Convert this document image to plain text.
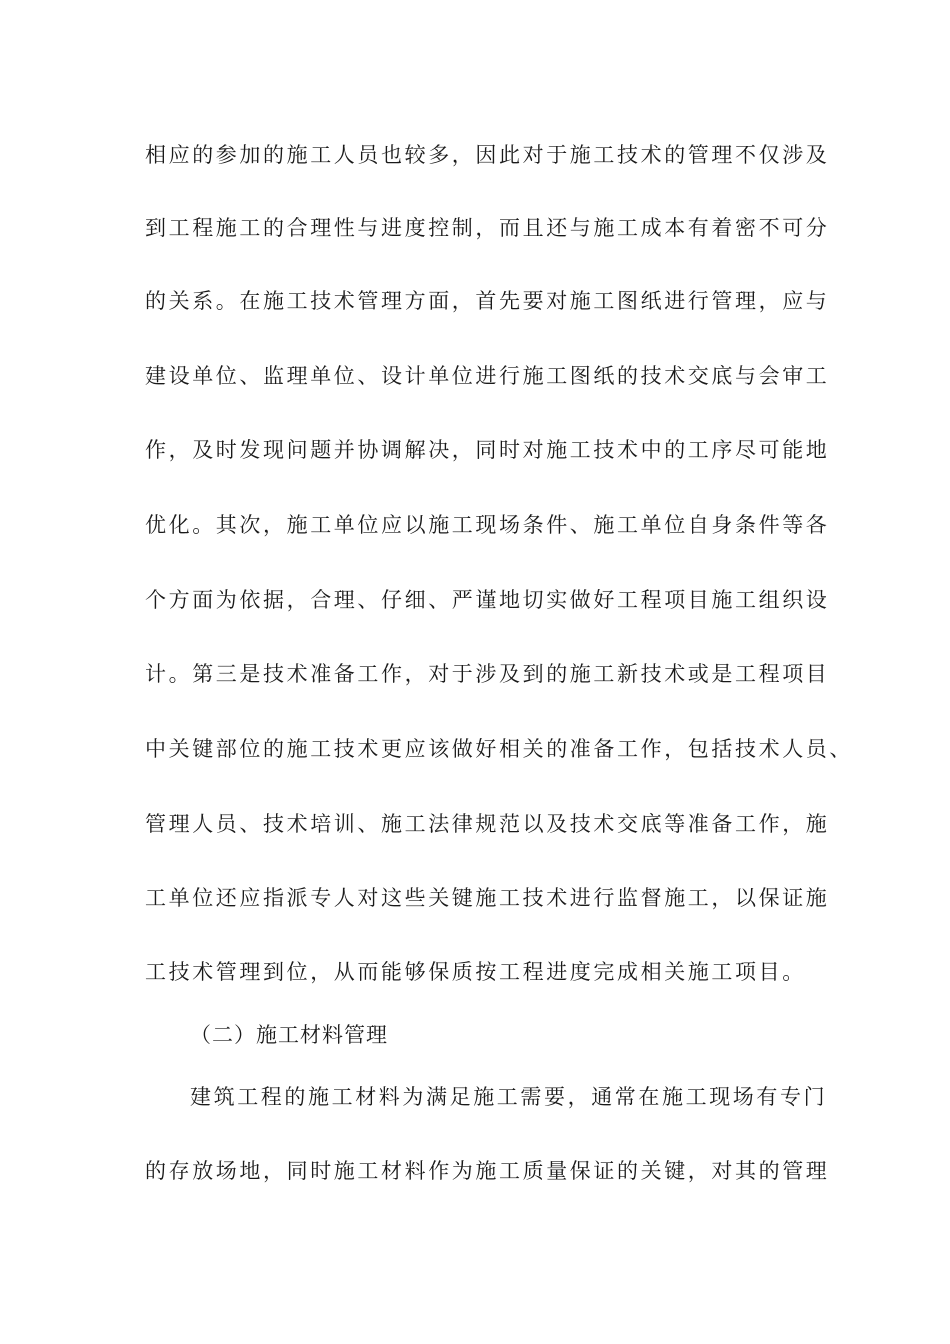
相应的参加的施工人员也较多，因此对于施工技术的管理不仅涉及
到工程施工的合理性与进度控制，而且还与施工成本有着密不可分
的关系。在施工技术管理方面，首先要对施工图纸进行管理，应与
建设单位、监理单位、设计单位进行施工图纸的技术交底与会审工
作，及时发现问题并协调解决，同时对施工技术中的工序尽可能地
优化。其次，施工单位应以施工现场条件、施工单位自身条件等各
个方面为依据，合理、仔细、严谨地切实做好工程项目施工组织设
计。第三是技术准备工作，对于涉及到的施工新技术或是工程项目
中关键部位的施工技术更应该做好相关的准备工作，包括技术人员、
管理人员、技术培训、施工法律规范以及技术交底等准备工作，施
工单位还应指派专人对这些关键施工技术进行监督施工，以保证施
工技术管理到位，从而能够保质按工程进度完成相关施工项目。
（二）施工材料管理
建筑工程的施工材料为满足施工需要，通常在施工现场有专门
的存放场地，同时施工材料作为施工质量保证的关键，对其的管理
